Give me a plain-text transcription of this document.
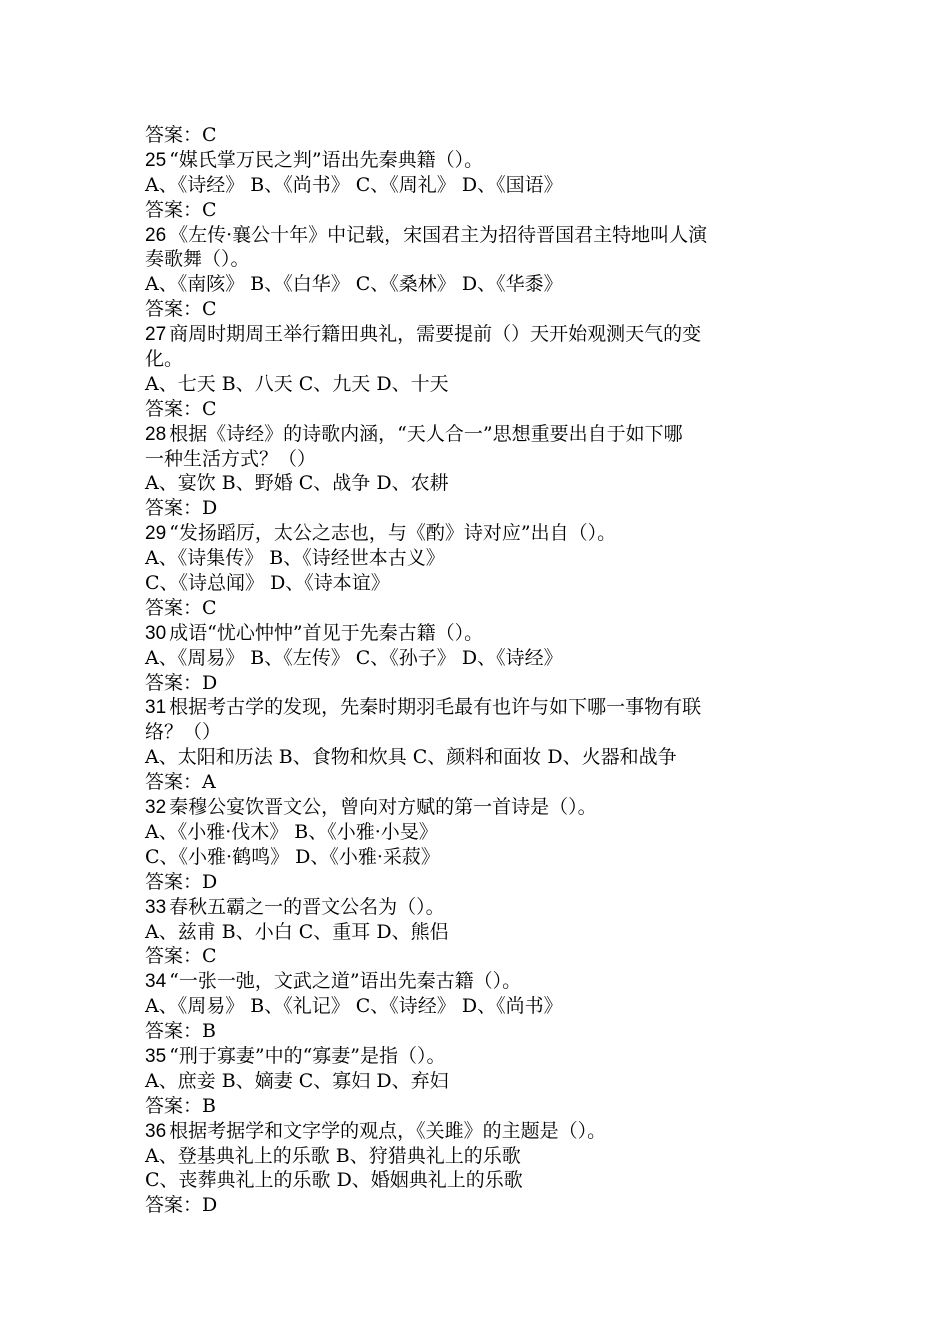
答案：C
25 “媒氏掌万民之判”语出先秦典籍（）。
A、《诗经》 B、《尚书》 C、《周礼》 D、《国语》
答案：C
26 《左传·襄公十年》中记载，宋国君主为招待晋国君主特地叫人演
奏歌舞（）。
A、《南陔》 B、《白华》 C、《桑林》 D、《华黍》
答案：C
27 商周时期周王举行籍田典礼，需要提前（）天开始观测天气的变
化。
A、七天 B、八天 C、九天 D、十天
答案：C
28 根据《诗经》的诗歌内涵，“天人合一”思想重要出自于如下哪
一种生活方式？（）
A、宴饮 B、野婚 C、战争 D、农耕
答案：D
29 “发扬蹈厉，太公之志也，与《酌》诗对应”出自（）。
A、《诗集传》 B、《诗经世本古义》
C、《诗总闻》 D、《诗本谊》
答案：C
30 成语“忧心忡忡”首见于先秦古籍（）。
A、《周易》 B、《左传》 C、《孙子》 D、《诗经》
答案：D
31 根据考古学的发现，先秦时期羽毛最有也许与如下哪一事物有联
络？（）
A、太阳和历法 B、食物和炊具 C、颜料和面妆 D、火器和战争
答案：A
32 秦穆公宴饮晋文公，曾向对方赋的第一首诗是（）。
A、《小雅·伐木》 B、《小雅·小旻》
C、《小雅·鹤鸣》 D、《小雅·采菽》
答案：D
33 春秋五霸之一的晋文公名为（）。
A、兹甫 B、小白 C、重耳 D、熊侣
答案：C
34 “一张一弛，文武之道”语出先秦古籍（）。
A、《周易》 B、《礼记》 C、《诗经》 D、《尚书》
答案：B
35 “刑于寡妻”中的“寡妻”是指（）。
A、庶妾 B、嫡妻 C、寡妇 D、弃妇
答案：B
36 根据考据学和文字学的观点，《关雎》的主题是（）。
A、登基典礼上的乐歌 B、狩猎典礼上的乐歌
C、丧葬典礼上的乐歌 D、婚姻典礼上的乐歌
答案：D
